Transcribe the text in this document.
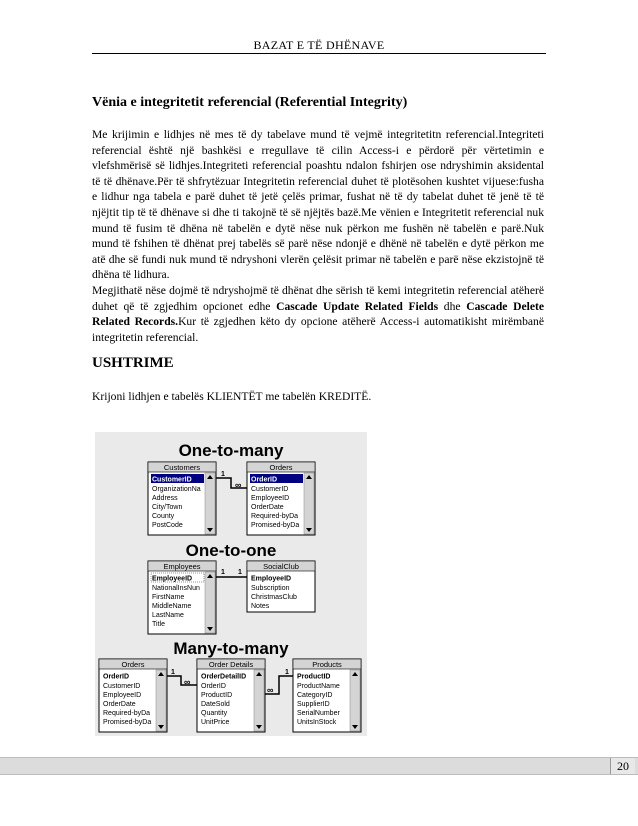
BAZAT E TË DHËNAVE
Vënia e integritetit referencial (Referential Integrity)
Me krijimin e lidhjes në mes të dy tabelave mund të vejmë integritetitn referencial.Integriteti referencial është një bashkësi e rregullave të cilin Access-i e përdorë për vërtetimin e vlefshmërisë së lidhjes.Integriteti referencial poashtu ndalon fshirjen ose ndryshimin aksidental të të dhënave.Për të shfrytëzuar Integritetin referencial duhet të plotësohen kushtet vijuese:fusha e lidhur nga tabela e parë duhet të jetë çelës primar, fushat në të dy tabelat duhet të jenë të të njëjtit tip të të dhënave si dhe ti takojnë të së njëjtës bazë.Me vënien e Integritetit referencial nuk mund të fusim të dhëna në tabelën e dytë nëse nuk përkon me fushën në tabelën e parë.Nuk mund të fshihen të dhënat prej tabelës së parë nëse ndonjë e dhënë në tabelën e dytë përkon me atë dhe së fundi nuk mund të ndryshoni vlerën çelësit primar në tabelën e parë nëse ekzistojnë të dhëna të lidhura.
Megjithatë nëse dojmë të ndryshojmë të dhënat dhe sërish të kemi integritetin referencial atëherë duhet që të zgjedhim opcionet edhe Cascade Update Related Fields dhe Cascade Delete Related Records.Kur të zgjedhen këto dy opcione atëherë Access-i automatikisht mirëmbanë integritetin referencial.
USHTRIME
Krijoni lidhjen e tabelës KLIENTËT me tabelën KREDITË.
One-to-many
Customers
CustomerID
OrganizationNa
Address
City/Town
County
PostCode
Orders
OrderID
CustomerID
EmployeeID
OrderDate
Required-byDa
Promised-byDa
1
∞
One-to-one
Employees
EmployeeID
NationalInsNun
FirstName
MiddleName
LastName
Title
SocialClub
EmployeeID
Subscription
ChristmasClub
Notes
1 1
Many-to-many
Orders
OrderID
CustomerID
EmployeeID
OrderDate
Required-byDa
Promised-byDa
Order Details
OrderDetailID
OrderID
ProductID
DateSold
Quantity
UnitPrice
Products
ProductID
ProductName
CategoryID
SupplierID
SerialNumber
UnitsInStock
1
∞
1
∞
20
